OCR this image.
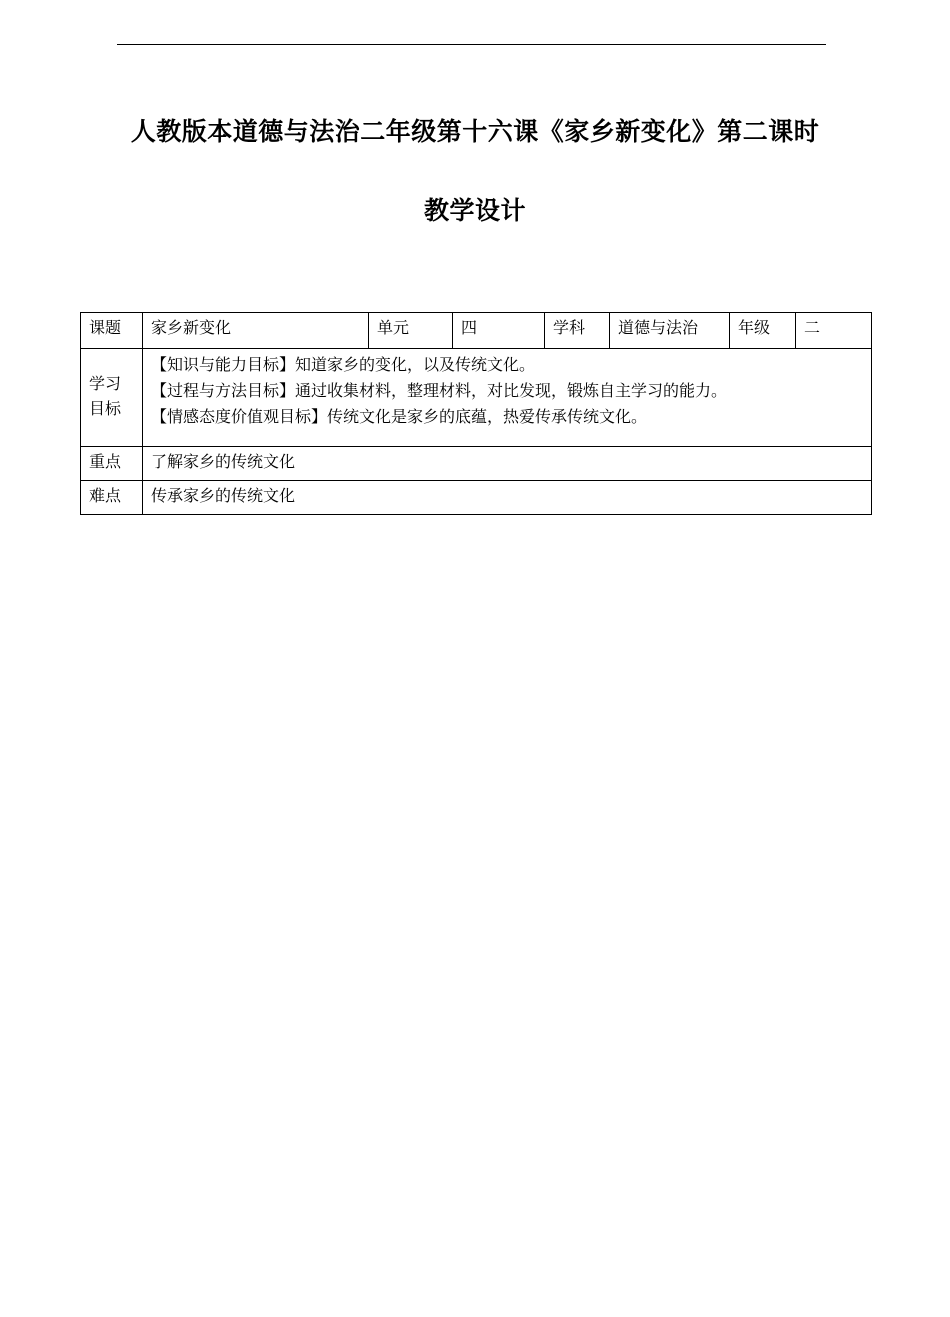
人教版本道德与法治二年级第十六课《家乡新变化》第二课时
教学设计
课题	家乡新变化	单元	四	学科	道德与法治	年级	二

学习
目标	【知识与能力目标】知道家乡的变化，以及传统文化。
【过程与方法目标】通过收集材料，整理材料，对比发现，锻炼自主学习的能力。
【情感态度价值观目标】传统文化是家乡的底蕴，热爱传承传统文化。						

重点	了解家乡的传统文化						
难点	传承家乡的传统文化						
